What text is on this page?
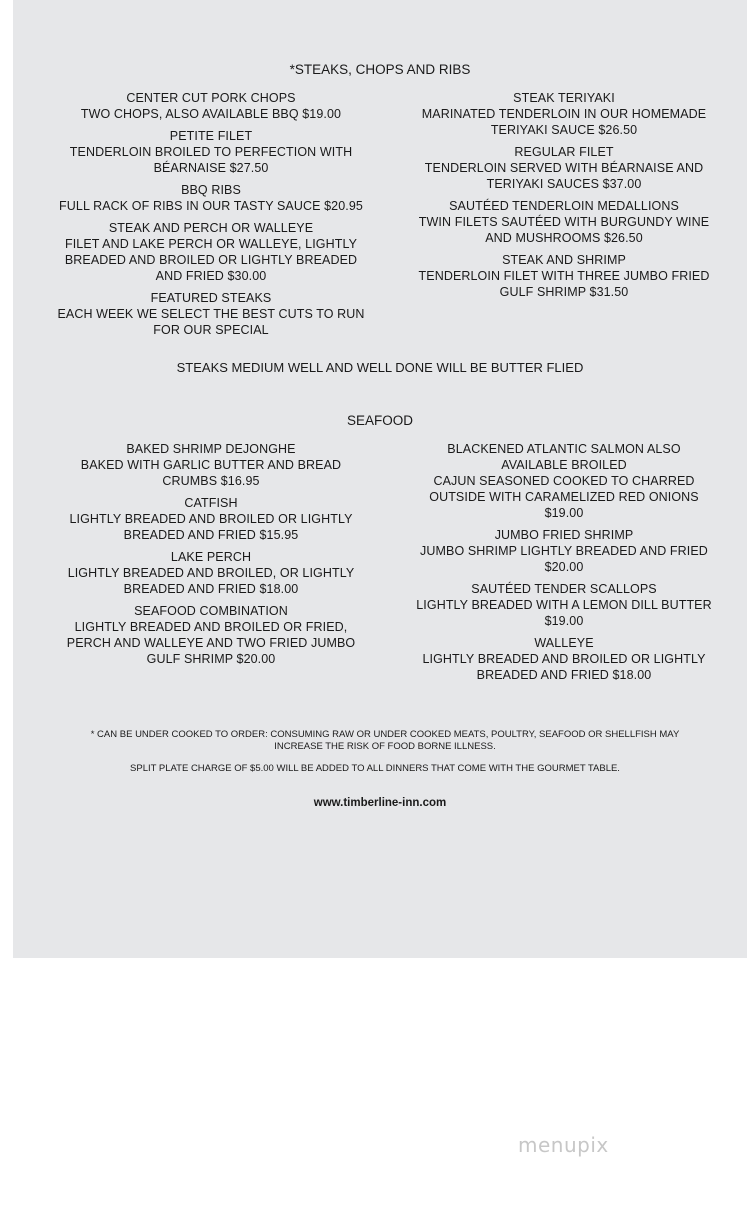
*STEAKS, CHOPS AND RIBS
CENTER CUT PORK CHOPS
TWO CHOPS, ALSO AVAILABLE BBQ $19.00
PETITE FILET
TENDERLOIN BROILED TO PERFECTION WITH
BÉARNAISE $27.50
BBQ RIBS
FULL RACK OF RIBS IN OUR TASTY SAUCE $20.95
STEAK AND PERCH OR WALLEYE
FILET AND LAKE PERCH OR WALLEYE, LIGHTLY
BREADED AND BROILED OR LIGHTLY BREADED
AND FRIED $30.00
FEATURED STEAKS
EACH WEEK WE SELECT THE BEST CUTS TO RUN
FOR OUR SPECIAL
STEAK TERIYAKI
MARINATED TENDERLOIN IN OUR HOMEMADE
TERIYAKI SAUCE $26.50
REGULAR FILET
TENDERLOIN SERVED WITH BÉARNAISE AND
TERIYAKI SAUCES $37.00
SAUTÉED TENDERLOIN MEDALLIONS
TWIN FILETS SAUTÉED WITH BURGUNDY WINE
AND MUSHROOMS $26.50
STEAK AND SHRIMP
TENDERLOIN FILET WITH THREE JUMBO FRIED
GULF SHRIMP $31.50
STEAKS MEDIUM WELL AND WELL DONE WILL BE BUTTER FLIED
SEAFOOD
BAKED SHRIMP DEJONGHE
BAKED WITH GARLIC BUTTER AND BREAD
CRUMBS $16.95
CATFISH
LIGHTLY BREADED AND BROILED OR LIGHTLY
BREADED AND FRIED $15.95
LAKE PERCH
LIGHTLY BREADED AND BROILED, OR LIGHTLY
BREADED AND FRIED $18.00
SEAFOOD COMBINATION
LIGHTLY BREADED AND BROILED OR FRIED,
PERCH AND WALLEYE AND TWO FRIED JUMBO
GULF SHRIMP $20.00
BLACKENED ATLANTIC SALMON ALSO
AVAILABLE BROILED
CAJUN SEASONED COOKED TO CHARRED
OUTSIDE WITH CARAMELIZED RED ONIONS
$19.00
JUMBO FRIED SHRIMP
JUMBO SHRIMP LIGHTLY BREADED AND FRIED
$20.00
SAUTÉED TENDER SCALLOPS
LIGHTLY BREADED WITH A LEMON DILL BUTTER
$19.00
WALLEYE
LIGHTLY BREADED AND BROILED OR LIGHTLY
BREADED AND FRIED $18.00
* CAN BE UNDER COOKED TO ORDER: CONSUMING RAW OR UNDER COOKED MEATS, POULTRY, SEAFOOD OR SHELLFISH MAY
INCREASE THE RISK OF FOOD BORNE ILLNESS.
SPLIT PLATE CHARGE OF $5.00 WILL BE ADDED TO ALL DINNERS THAT COME WITH THE GOURMET TABLE.
www.timberline-inn.com
menupix
